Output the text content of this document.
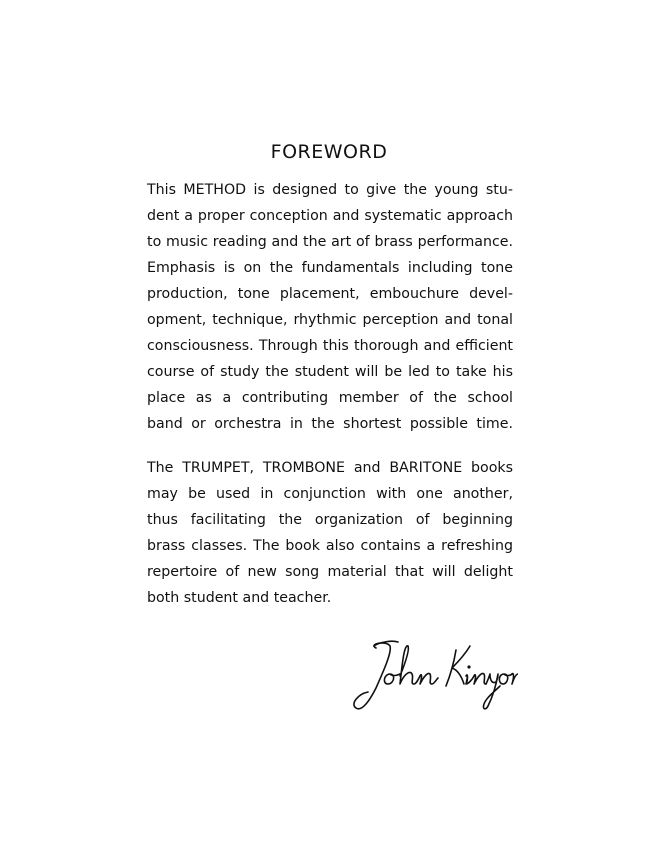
FOREWORD

This METHOD is designed to give the young stu-
dent a proper conception and systematic approach
to music reading and the art of brass performance.
Emphasis is on the fundamentals including tone
production, tone placement, embouchure devel-
opment, technique, rhythmic perception and tonal
consciousness. Through this thorough and efficient
course of study the student will be led to take his
place as a contributing member of the school
band or orchestra in the shortest possible time.

The TRUMPET, TROMBONE and BARITONE books
may be used in conjunction with one another,
thus facilitating the organization of beginning
brass classes. The book also contains a refreshing
repertoire of new song material that will delight
both student and teacher.
